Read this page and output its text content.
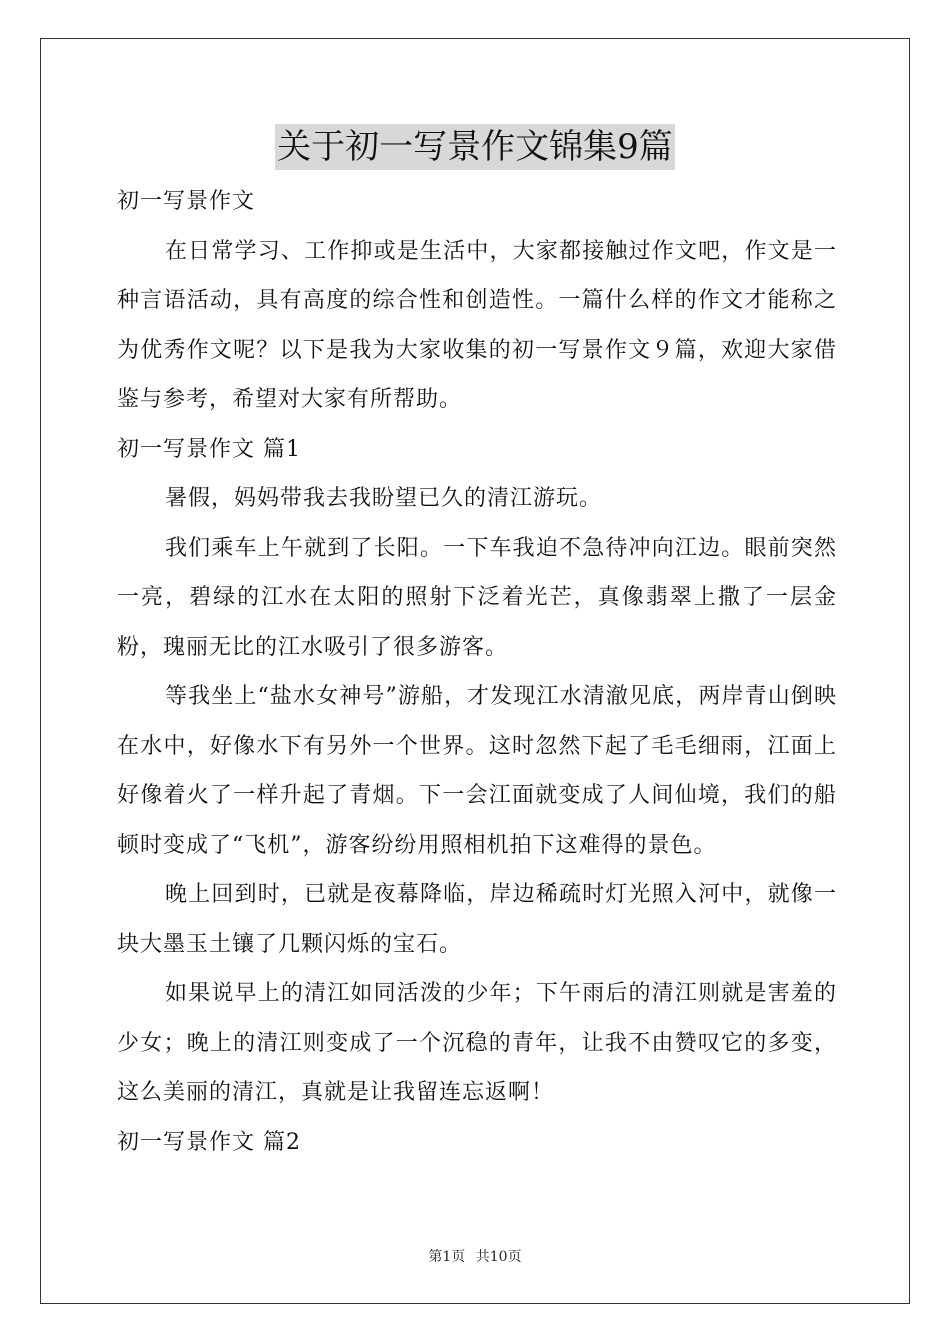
关于初一写景作文锦集9篇

初一写景作文

在日常学习、工作抑或是生活中，大家都接触过作文吧，作文是一种言语活动，具有高度的综合性和创造性。一篇什么样的作文才能称之为优秀作文呢？以下是我为大家收集的初一写景作文９篇，欢迎大家借鉴与参考，希望对大家有所帮助。

初一写景作文 篇1

暑假，妈妈带我去我盼望已久的清江游玩。

我们乘车上午就到了长阳。一下车我迫不急待冲向江边。眼前突然一亮，碧绿的江水在太阳的照射下泛着光芒，真像翡翠上撒了一层金粉，瑰丽无比的江水吸引了很多游客。

等我坐上“盐水女神号”游船，才发现江水清澈见底，两岸青山倒映在水中，好像水下有另外一个世界。这时忽然下起了毛毛细雨，江面上好像着火了一样升起了青烟。下一会江面就变成了人间仙境，我们的船顿时变成了“飞机”，游客纷纷用照相机拍下这难得的景色。

晚上回到时，已就是夜幕降临，岸边稀疏时灯光照入河中，就像一块大墨玉土镶了几颗闪烁的宝石。

如果说早上的清江如同活泼的少年；下午雨后的清江则就是害羞的少女；晚上的清江则变成了一个沉稳的青年，让我不由赞叹它的多变，这么美丽的清江，真就是让我留连忘返啊！

初一写景作文 篇2

第1页 共10页
